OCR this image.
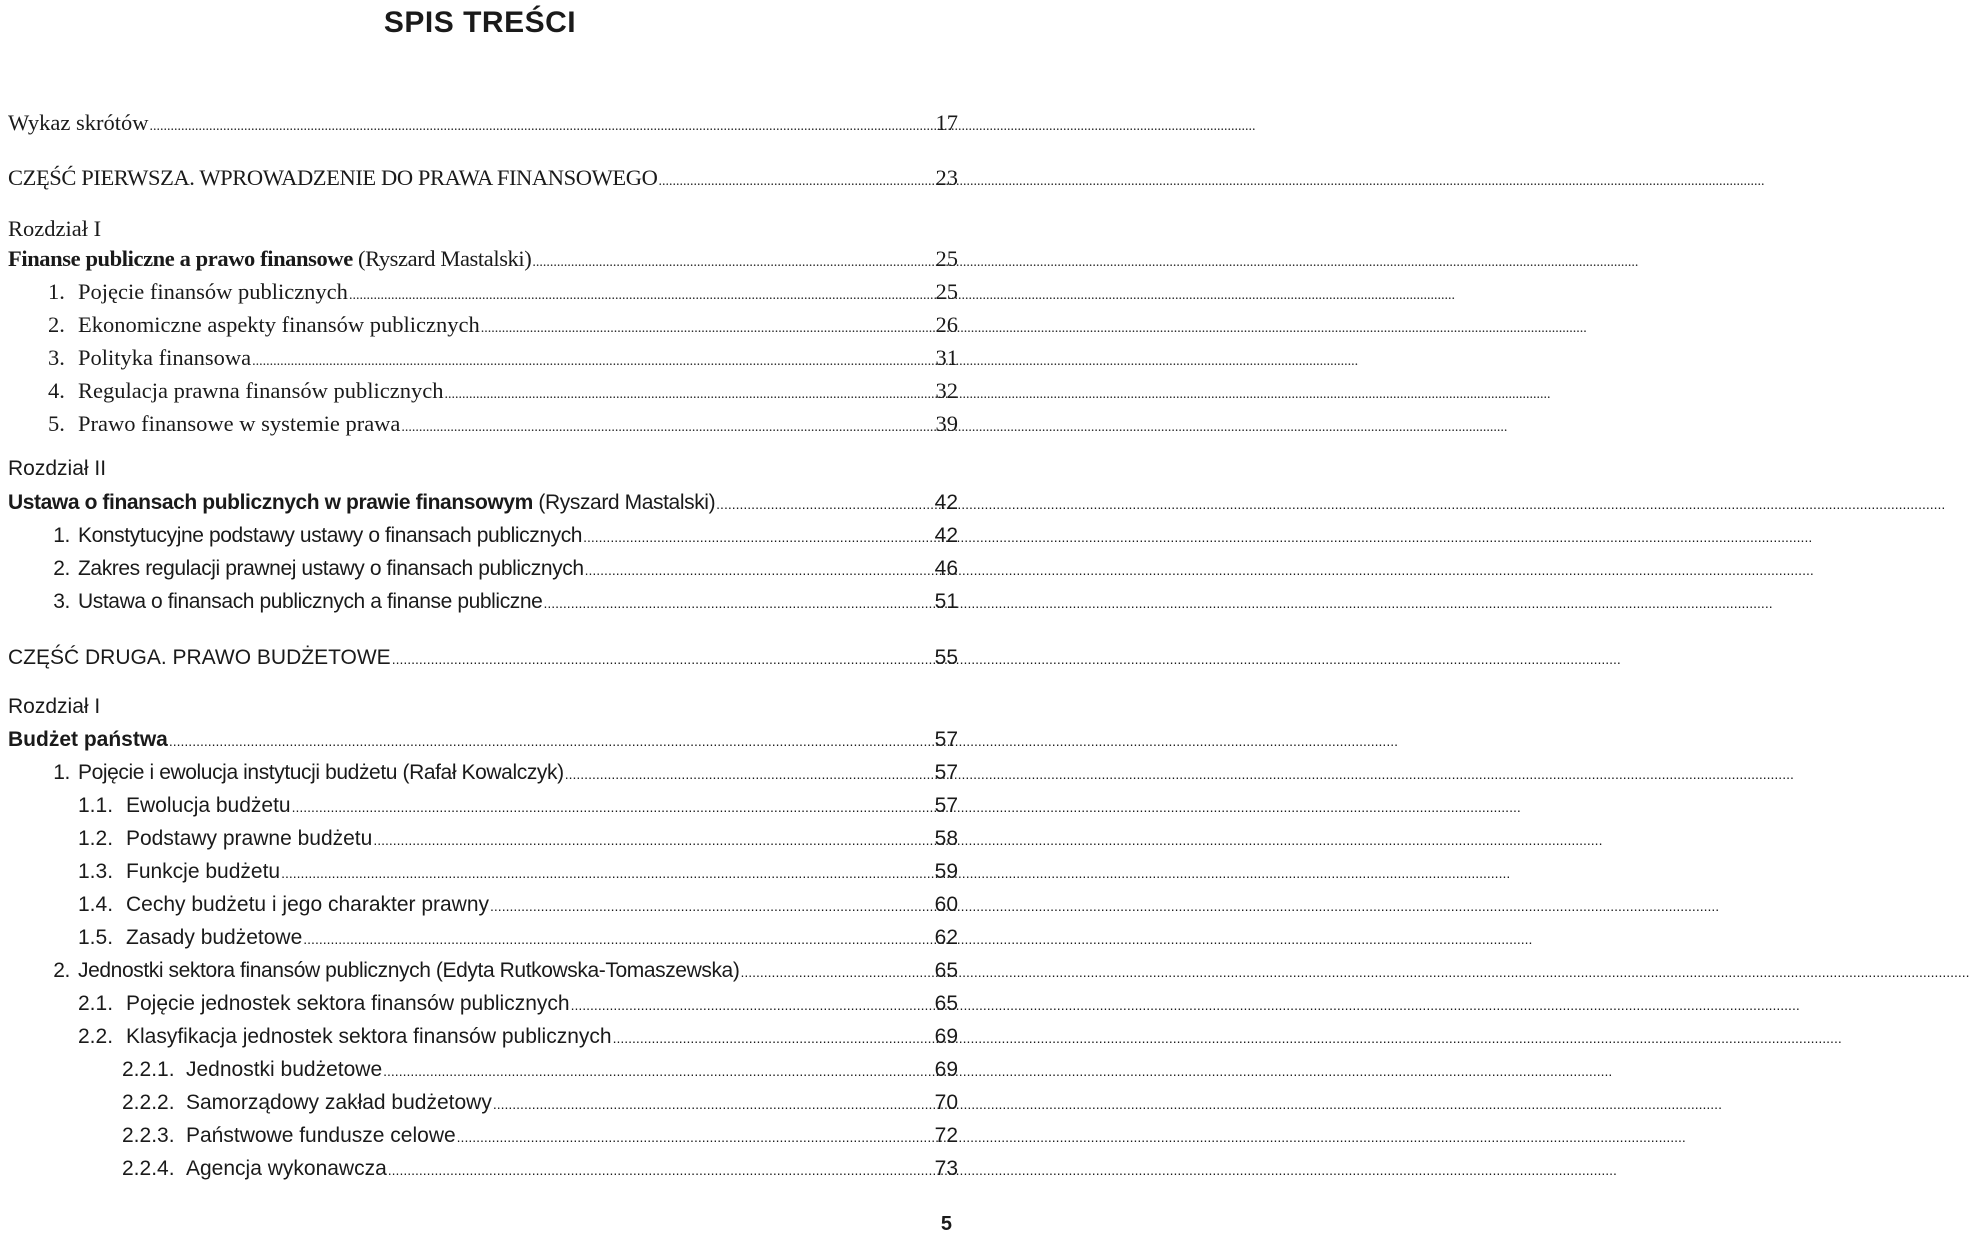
SPIS TREŚCI
Wykaz skrótów .....	17
CZĘŚĆ PIERWSZA. WPROWADZENIE DO PRAWA FINANSOWEGO .....	23
Rozdział I
Finanse publiczne a prawo finansowe (Ryszard Mastalski) .....	25
1. Pojęcie finansów publicznych .....	25
2. Ekonomiczne aspekty finansów publicznych .....	26
3. Polityka finansowa .....	31
4. Regulacja prawna finansów publicznych .....	32
5. Prawo finansowe w systemie prawa .....	39
Rozdział II
Ustawa o finansach publicznych w prawie finansowym (Ryszard Mastalski) .....	42
1. Konstytucyjne podstawy ustawy o finansach publicznych .....	42
2. Zakres regulacji prawnej ustawy o finansach publicznych .....	46
3. Ustawa o finansach publicznych a finanse publiczne .....	51
CZĘŚĆ DRUGA. PRAWO BUDŻETOWE .....	55
Rozdział I
Budżet państwa .....	57
1. Pojęcie i ewolucja instytucji budżetu (Rafał Kowalczyk) .....	57
1.1. Ewolucja budżetu .....	57
1.2. Podstawy prawne budżetu .....	58
1.3. Funkcje budżetu .....	59
1.4. Cechy budżetu i jego charakter prawny .....	60
1.5. Zasady budżetowe .....	62
2. Jednostki sektora finansów publicznych (Edyta Rutkowska-Tomaszewska) .....	65
2.1. Pojęcie jednostek sektora finansów publicznych .....	65
2.2. Klasyfikacja jednostek sektora finansów publicznych .....	69
2.2.1. Jednostki budżetowe .....	69
2.2.2. Samorządowy zakład budżetowy .....	70
2.2.3. Państwowe fundusze celowe .....	72
2.2.4. Agencja wykonawcza .....	73
5
